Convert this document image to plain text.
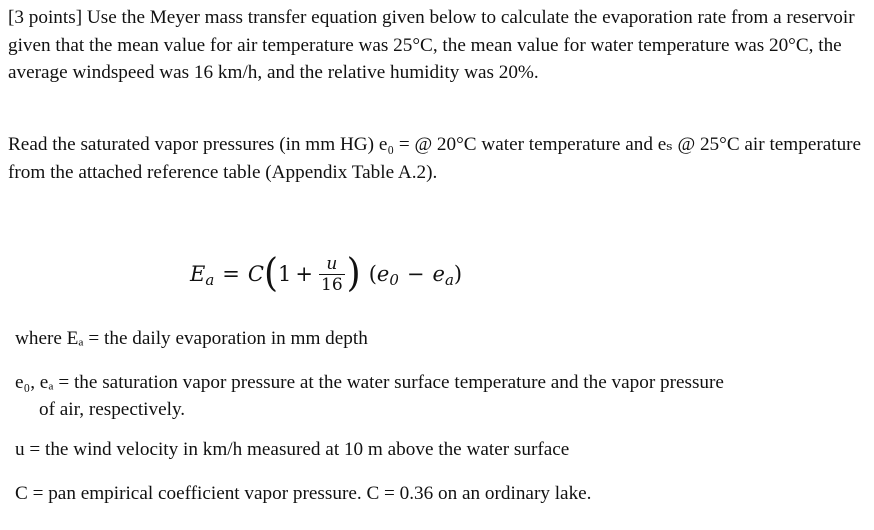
[3 points] Use the Meyer mass transfer equation given below to calculate the evaporation rate from a reservoir given that the mean value for air temperature was 25°C, the mean value for water temperature was 20°C, the average windspeed was 16 km/h, and the relative humidity was 20%.

Read the saturated vapor pressures (in mm HG) e₀ = @ 20°C water temperature and eₛ @ 25°C air temperature from the attached reference table (Appendix Table A.2).

E a = C ( $1 + \frac{u}{16}$ ) ( e 0 − e a )

where Eₐ = the daily evaporation in mm depth

e₀, eₐ = the saturation vapor pressure at the water surface temperature and the vapor pressure
of air, respectively.

u = the wind velocity in km/h measured at 10 m above the water surface

C = pan empirical coefficient vapor pressure. C = 0.36 on an ordinary lake.
